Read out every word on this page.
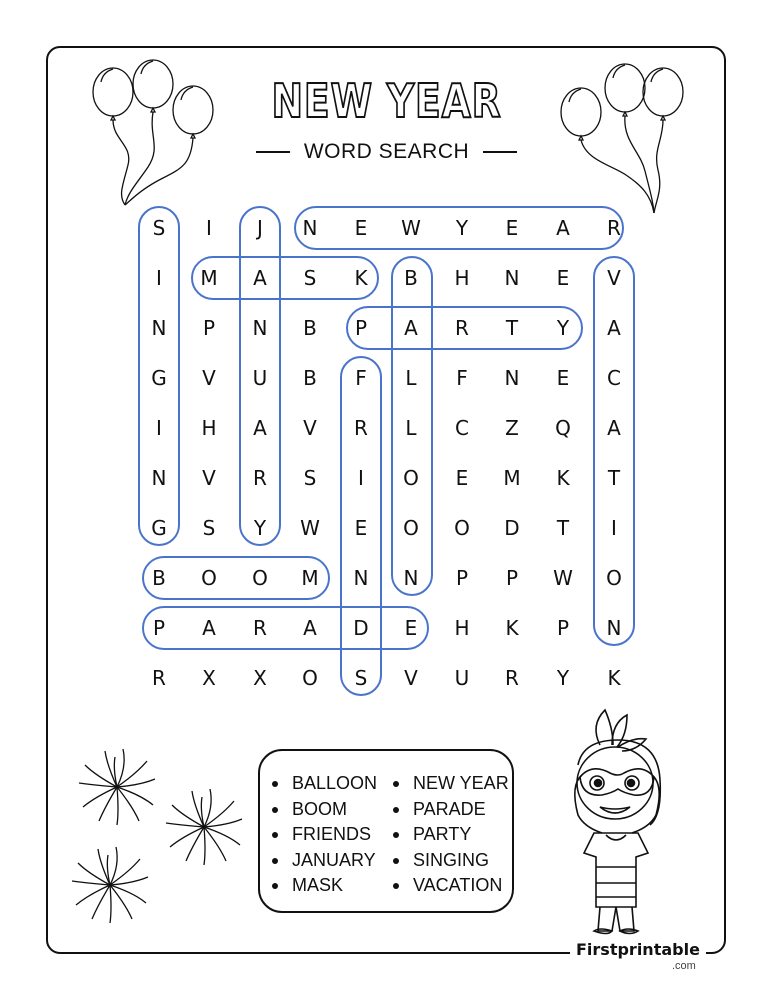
NEW YEAR
WORD SEARCH
S	I	J	N	E	W	Y	E	A	R
I	M	A	S	K	B	H	N	E	V
N	P	N	B	P	A	R	T	Y	A
G	V	U	B	F	L	F	N	E	C
I	H	A	V	R	L	C	Z	Q	A
N	V	R	S	I	O	E	M	K	T
G	S	Y	W	E	O	O	D	T	I
B	O	O	M	N	N	P	P	W	O
P	A	R	A	D	E	H	K	P	N
R	X	X	O	S	V	U	R	Y	K
BALLOON
BOOM
FRIENDS
JANUARY
MASK
NEW YEAR
PARADE
PARTY
SINGING
VACATION
Firstprintable
.com
